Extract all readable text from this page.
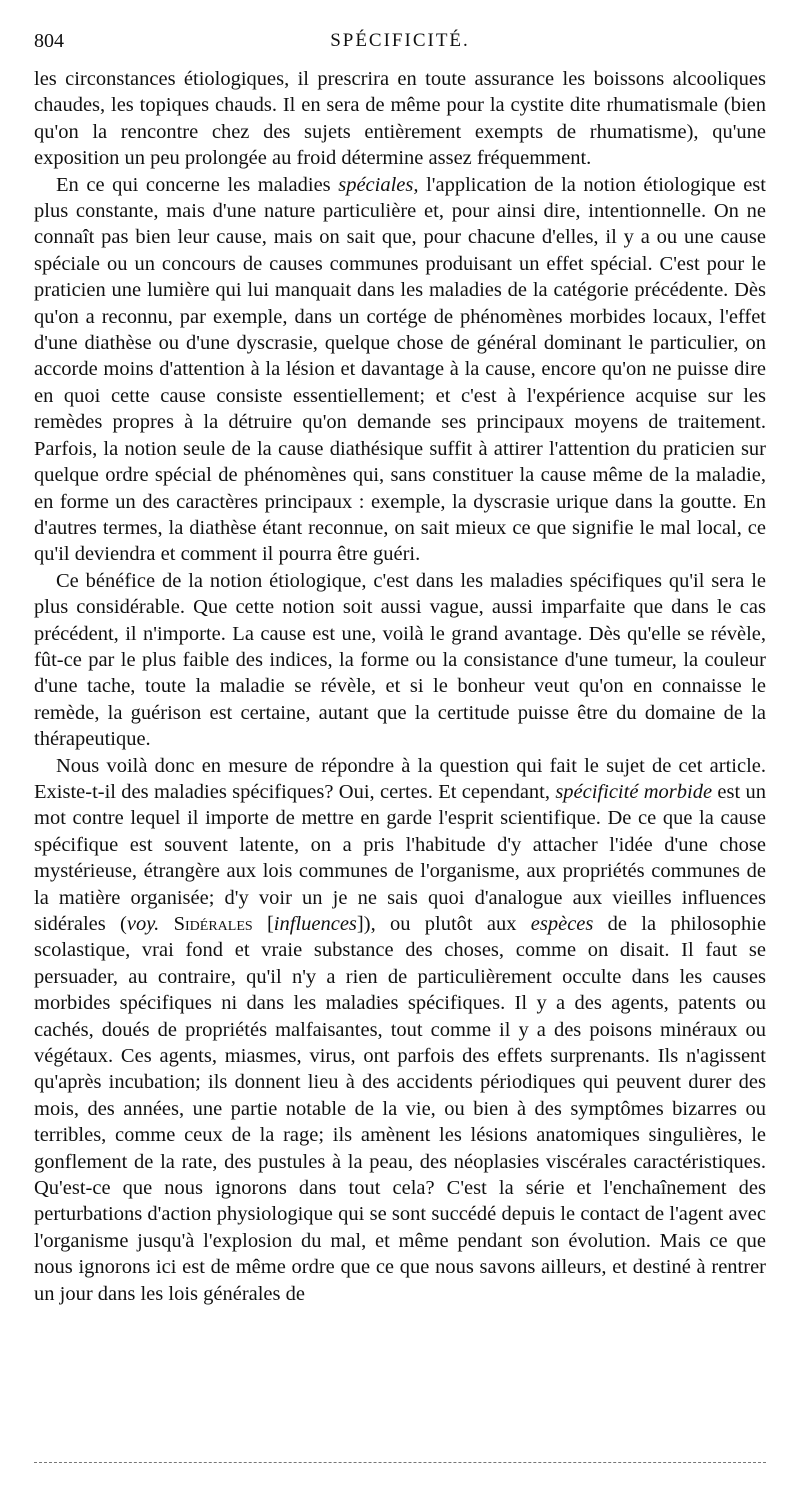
804	SPÉCIFICITÉ.

les circonstances étiologiques, il prescrira en toute assurance les boissons alcooliques chaudes, les topiques chauds. Il en sera de même pour la cystite dite rhumatismale (bien qu'on la rencontre chez des sujets entièrement exempts de rhumatisme), qu'une exposition un peu prolongée au froid détermine assez fréquemment.

En ce qui concerne les maladies spéciales, l'application de la notion étiologique est plus constante, mais d'une nature particulière et, pour ainsi dire, intentionnelle. On ne connaît pas bien leur cause, mais on sait que, pour chacune d'elles, il y a ou une cause spéciale ou un concours de causes communes produisant un effet spécial. C'est pour le praticien une lumière qui lui manquait dans les maladies de la catégorie précédente. Dès qu'on a reconnu, par exemple, dans un cortége de phénomènes morbides locaux, l'effet d'une diathèse ou d'une dyscrasie, quelque chose de général dominant le particulier, on accorde moins d'attention à la lésion et davantage à la cause, encore qu'on ne puisse dire en quoi cette cause consiste essentiellement; et c'est à l'expérience acquise sur les remèdes propres à la détruire qu'on demande ses principaux moyens de traitement. Parfois, la notion seule de la cause diathésique suffit à attirer l'attention du praticien sur quelque ordre spécial de phénomènes qui, sans constituer la cause même de la maladie, en forme un des caractères principaux : exemple, la dyscrasie urique dans la goutte. En d'autres termes, la diathèse étant reconnue, on sait mieux ce que signifie le mal local, ce qu'il deviendra et comment il pourra être guéri.

Ce bénéfice de la notion étiologique, c'est dans les maladies spécifiques qu'il sera le plus considérable. Que cette notion soit aussi vague, aussi imparfaite que dans le cas précédent, il n'importe. La cause est une, voilà le grand avantage. Dès qu'elle se révèle, fût-ce par le plus faible des indices, la forme ou la consistance d'une tumeur, la couleur d'une tache, toute la maladie se révèle, et si le bonheur veut qu'on en connaisse le remède, la guérison est certaine, autant que la certitude puisse être du domaine de la thérapeutique.

Nous voilà donc en mesure de répondre à la question qui fait le sujet de cet article. Existe-t-il des maladies spécifiques? Oui, certes. Et cependant, spécificité morbide est un mot contre lequel il importe de mettre en garde l'esprit scientifique. De ce que la cause spécifique est souvent latente, on a pris l'habitude d'y attacher l'idée d'une chose mystérieuse, étrangère aux lois communes de l'organisme, aux propriétés communes de la matière organisée; d'y voir un je ne sais quoi d'analogue aux vieilles influences sidérales (voy. Sidérales [influences]), ou plutôt aux espèces de la philosophie scolastique, vrai fond et vraie substance des choses, comme on disait. Il faut se persuader, au contraire, qu'il n'y a rien de particulièrement occulte dans les causes morbides spécifiques ni dans les maladies spécifiques. Il y a des agents, patents ou cachés, doués de propriétés malfaisantes, tout comme il y a des poisons minéraux ou végétaux. Ces agents, miasmes, virus, ont parfois des effets surprenants. Ils n'agissent qu'après incubation; ils donnent lieu à des accidents périodiques qui peuvent durer des mois, des années, une partie notable de la vie, ou bien à des symptômes bizarres ou terribles, comme ceux de la rage; ils amènent les lésions anatomiques singulières, le gonflement de la rate, des pustules à la peau, des néoplasies viscérales caractéristiques. Qu'est-ce que nous ignorons dans tout cela? C'est la série et l'enchaînement des perturbations d'action physiologique qui se sont succédé depuis le contact de l'agent avec l'organisme jusqu'à l'explosion du mal, et même pendant son évolution. Mais ce que nous ignorons ici est de même ordre que ce que nous savons ailleurs, et destiné à rentrer un jour dans les lois générales de
